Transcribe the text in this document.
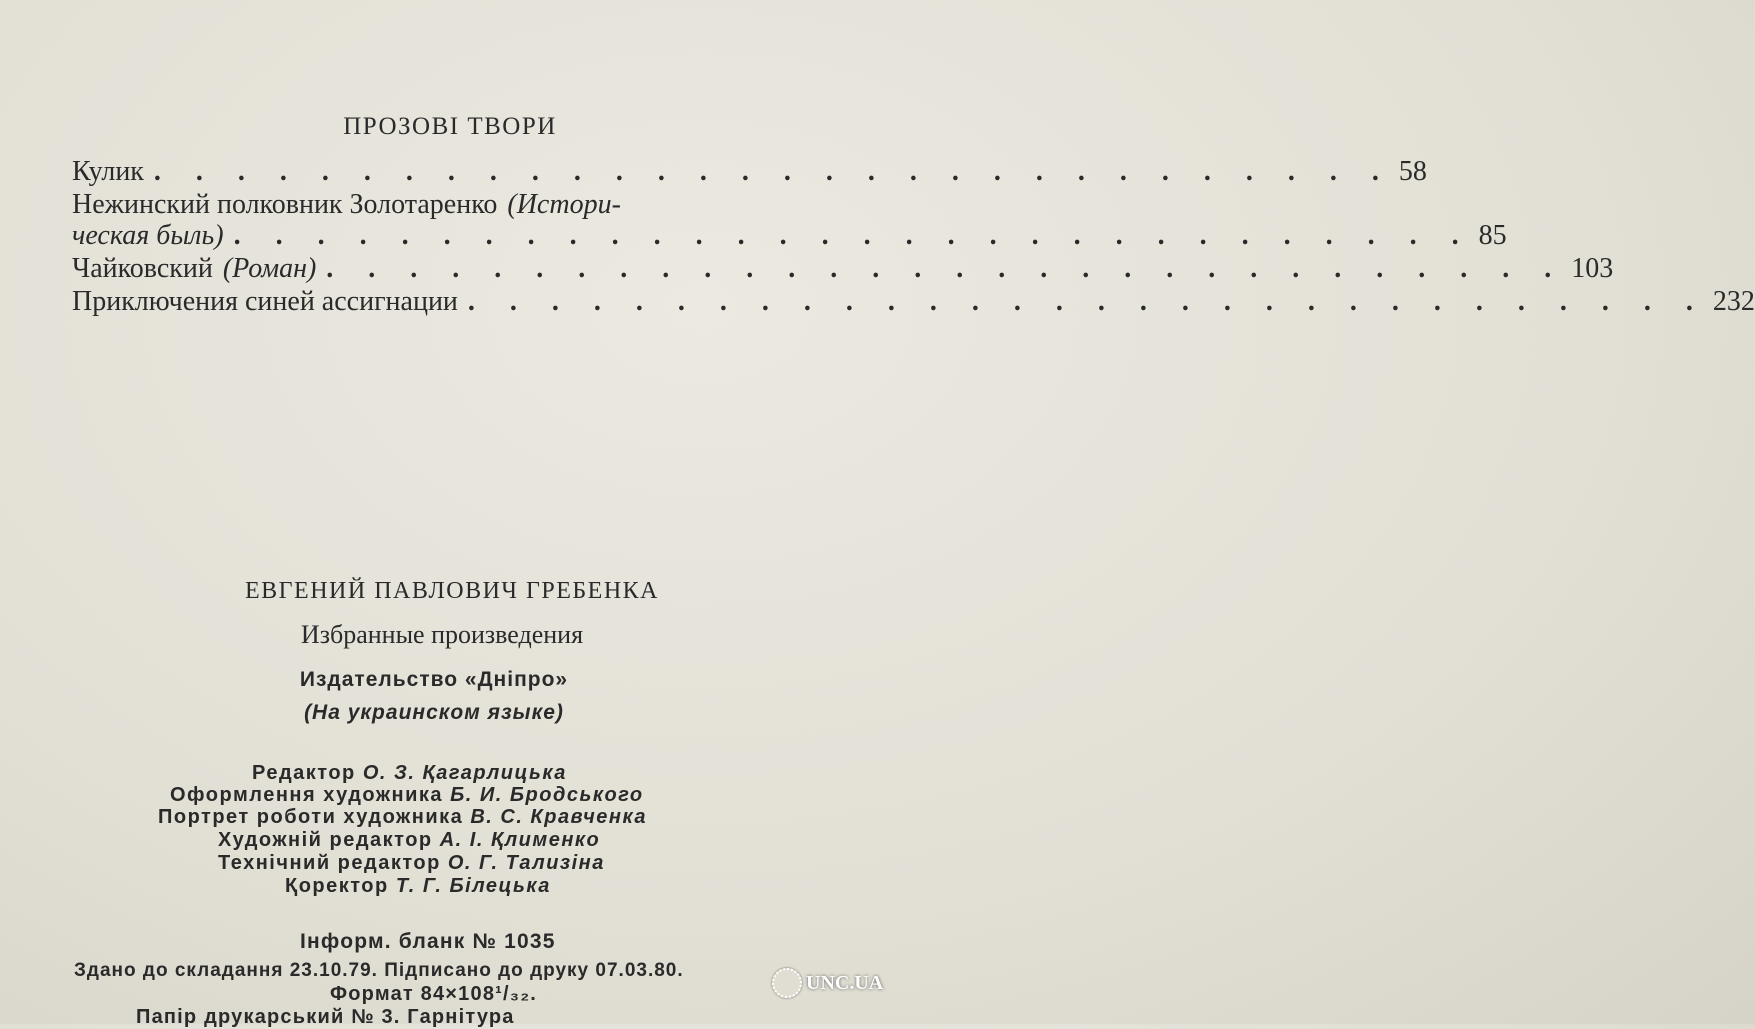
ПРОЗОВІ ТВОРИ
Кулик . . . . . . . . . . . . . . . . . . . . . . . . . . . . . . 58
Нежинский полковник Золотаренко (Истори-
ческая быль) . . . . . . . . . . . . . . . . . . . . . . . . . . . . . . 85
Чайковский (Роман) . . . . . . . . . . . . . . . . . . . . . . . . . . . . . . 103
Приключения синей ассигнации . . . . . . . . . . . . . . . . . . . . . . . . . . . . . . 232
ЕВГЕНИЙ ПАВЛОВИЧ ГРЕБЕНКА
Избранные произведения
Издательство «Дніпро»
(На украинском языке)
Редактор О. З. Қагарлицька
Оформлення художника Б. И. Бродського
Портрет роботи художника В. С. Кравченка
Художній редактор А. І. Қлименко
Технічний редактор О. Г. Тализіна
Қоректор Т. Г. Білецька
Інформ. бланк № 1035
Здано до складання 23.10.79. Підписано до друку 07.03.80.
Формат 84×108¹/₃₂.
Папір друкарський № 3. Гарнітура
UNC.UA
